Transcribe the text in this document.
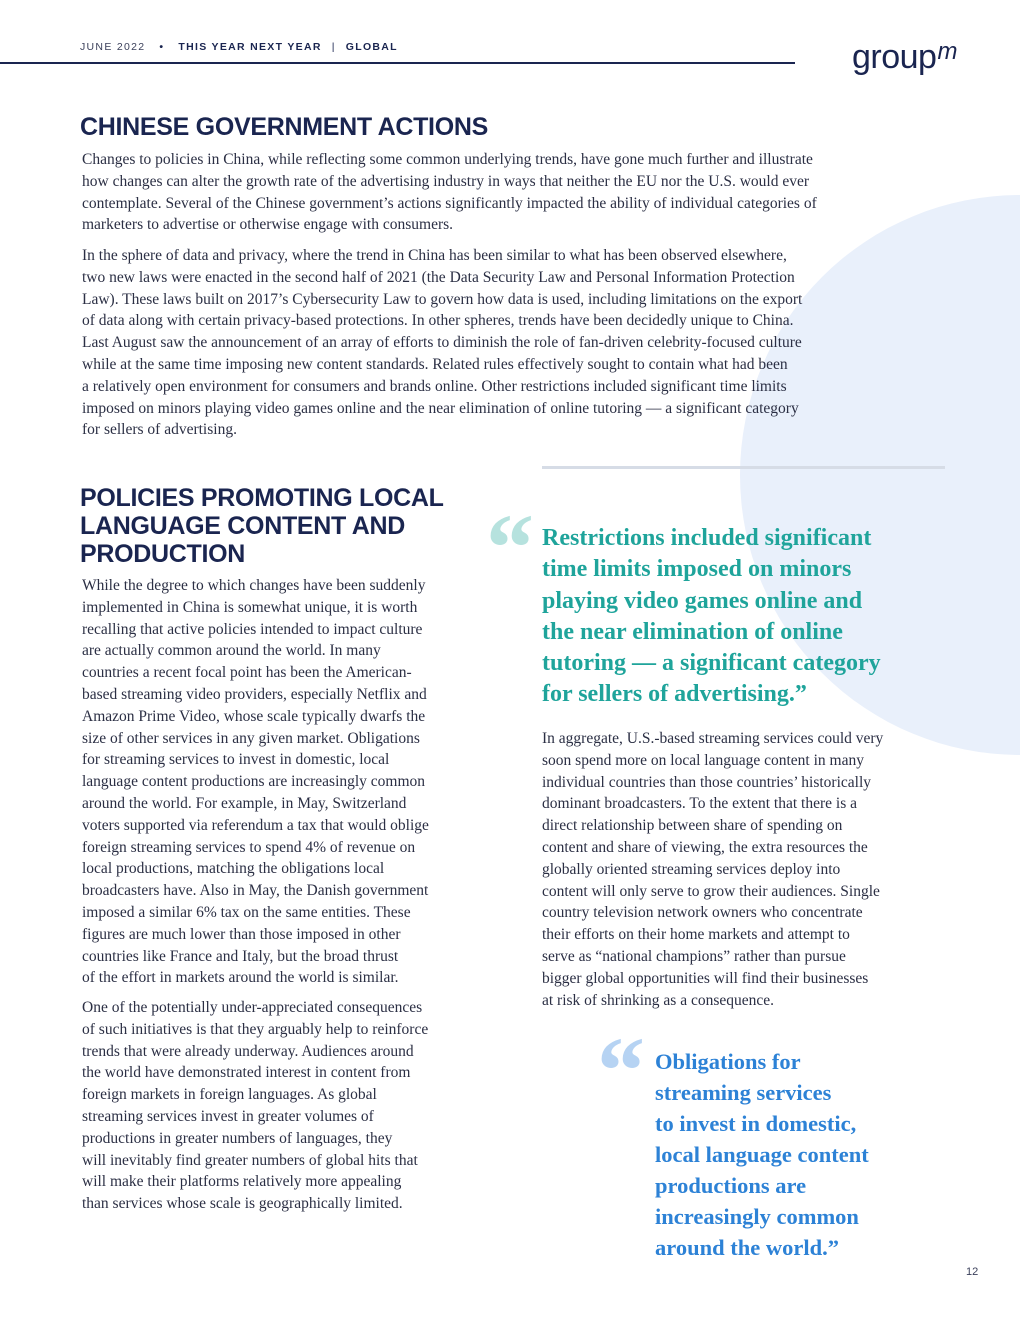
JUNE 2022 • THIS YEAR NEXT YEAR | GLOBAL	group$^m$
CHINESE GOVERNMENT ACTIONS

Changes to policies in China, while reflecting some common underlying trends, have gone much further and illustrate

how changes can alter the growth rate of the advertising industry in ways that neither the EU nor the U.S. would ever

contemplate. Several of the Chinese government’s actions significantly impacted the ability of individual categories of

marketers to advertise or otherwise engage with consumers.

In the sphere of data and privacy, where the trend in China has been similar to what has been observed elsewhere,

two new laws were enacted in the second half of 2021 (the Data Security Law and Personal Information Protection

Law). These laws built on 2017’s Cybersecurity Law to govern how data is used, including limitations on the export

of data along with certain privacy-based protections. In other spheres, trends have been decidedly unique to China.

Last August saw the announcement of an array of efforts to diminish the role of fan-driven celebrity-focused culture

while at the same time imposing new content standards. Related rules effectively sought to contain what had been

a relatively open environment for consumers and brands online. Other restrictions included significant time limits

imposed on minors playing video games online and the near elimination of online tutoring — a significant category

for sellers of advertising.

POLICIES PROMOTING LOCAL
LANGUAGE CONTENT AND
PRODUCTION

While the degree to which changes have been suddenly

implemented in China is somewhat unique, it is worth

recalling that active policies intended to impact culture

are actually common around the world. In many

countries a recent focal point has been the American-

based streaming video providers, especially Netflix and

Amazon Prime Video, whose scale typically dwarfs the

size of other services in any given market. Obligations

for streaming services to invest in domestic, local

language content productions are increasingly common

around the world. For example, in May, Switzerland

voters supported via referendum a tax that would oblige

foreign streaming services to spend 4% of revenue on

local productions, matching the obligations local

broadcasters have. Also in May, the Danish government

imposed a similar 6% tax on the same entities. These

figures are much lower than those imposed in other

countries like France and Italy, but the broad thrust

of the effort in markets around the world is similar.

One of the potentially under-appreciated consequences

of such initiatives is that they arguably help to reinforce

trends that were already underway. Audiences around

the world have demonstrated interest in content from

foreign markets in foreign languages. As global

streaming services invest in greater volumes of

productions in greater numbers of languages, they

will inevitably find greater numbers of global hits that

will make their platforms relatively more appealing

than services whose scale is geographically limited.

“ Restrictions included significant

time limits imposed on minors

playing video games online and

the near elimination of online

tutoring — a significant category

for sellers of advertising.”

In aggregate, U.S.-based streaming services could very

soon spend more on local language content in many

individual countries than those countries’ historically

dominant broadcasters. To the extent that there is a

direct relationship between share of spending on

content and share of viewing, the extra resources the

globally oriented streaming services deploy into

content will only serve to grow their audiences. Single

country television network owners who concentrate

their efforts on their home markets and attempt to

serve as “national champions” rather than pursue

bigger global opportunities will find their businesses

at risk of shrinking as a consequence.

“ Obligations for

streaming services

to invest in domestic,

local language content

productions are

increasingly common

around the world.”

12
